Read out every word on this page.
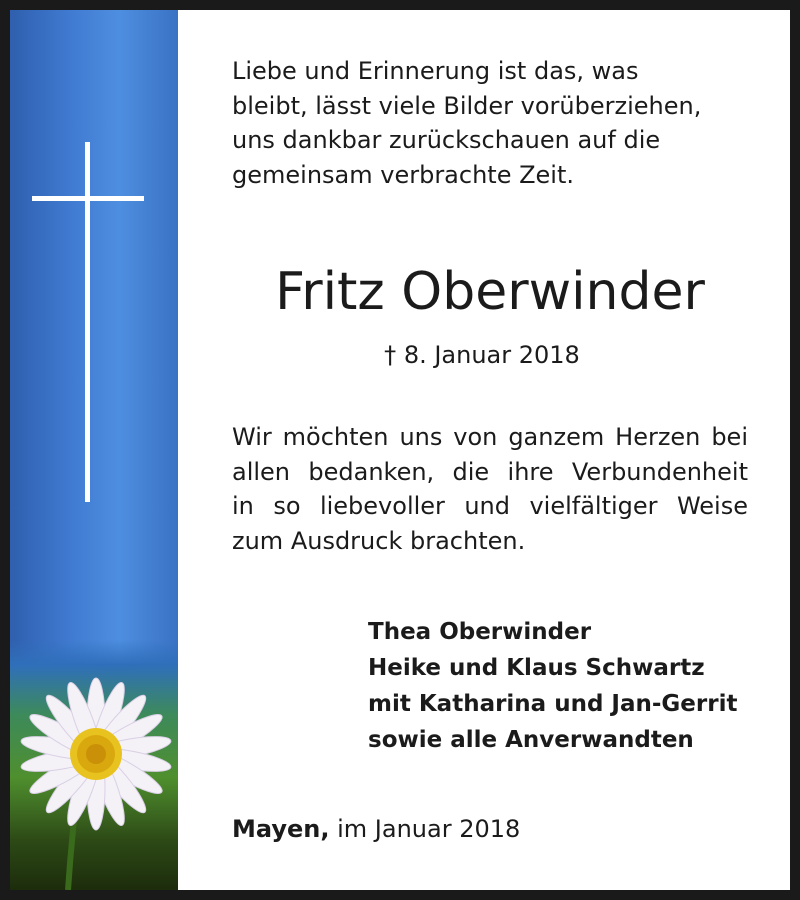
Liebe und Erinnerung ist das, was
bleibt, lässt viele Bilder vorüberziehen,
uns dankbar zurückschauen auf die
gemeinsam verbrachte Zeit.
Fritz Oberwinder
† 8. Januar 2018
Wir möchten uns von ganzem Herzen bei
allen bedanken, die ihre Verbundenheit
in so liebevoller und vielfältiger Weise
zum Ausdruck brachten.
Thea Oberwinder
Heike und Klaus Schwartz
mit Katharina und Jan-Gerrit
sowie alle Anverwandten
Mayen, im Januar 2018
